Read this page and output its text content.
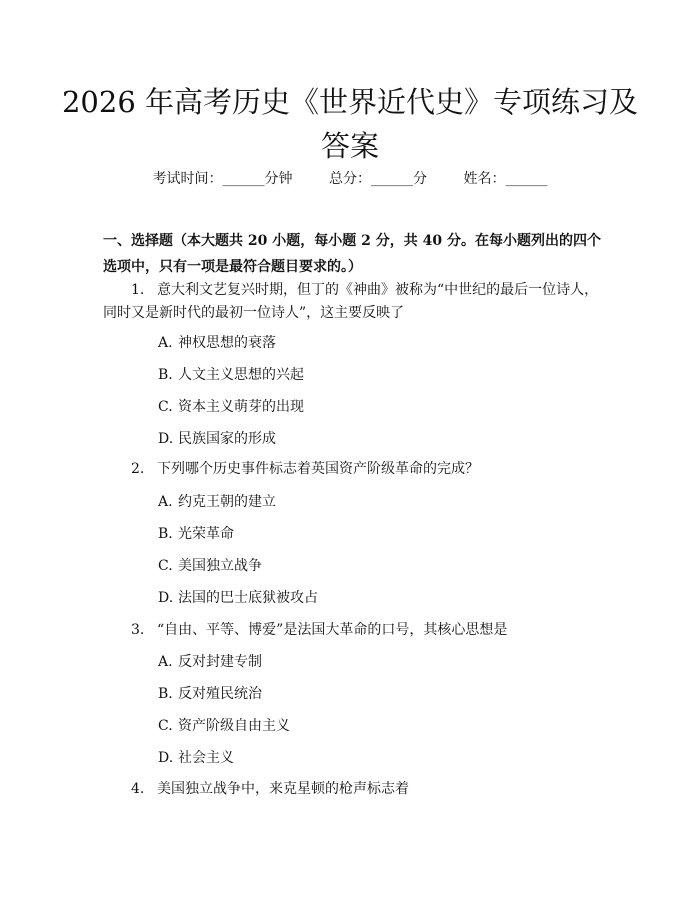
2026 年高考历史《世界近代史》专项练习及答案
考试时间：______分钟	总分：______分	姓名：______

一、选择题（本大题共 20 小题，每小题 2 分，共 40 分。在每小题列出的四个选项中，只有一项是最符合题目要求的。）

1. 意大利文艺复兴时期，但丁的《神曲》被称为“中世纪的最后一位诗人，同时又是新时代的最初一位诗人”，这主要反映了

A. 神权思想的衰落
B. 人文主义思想的兴起
C. 资本主义萌芽的出现
D. 民族国家的形成

2. 下列哪个历史事件标志着英国资产阶级革命的完成？

A. 约克王朝的建立
B. 光荣革命
C. 美国独立战争
D. 法国的巴士底狱被攻占

3. “自由、平等、博爱”是法国大革命的口号，其核心思想是

A. 反对封建专制
B. 反对殖民统治
C. 资产阶级自由主义
D. 社会主义

4. 美国独立战争中，来克星顿的枪声标志着
